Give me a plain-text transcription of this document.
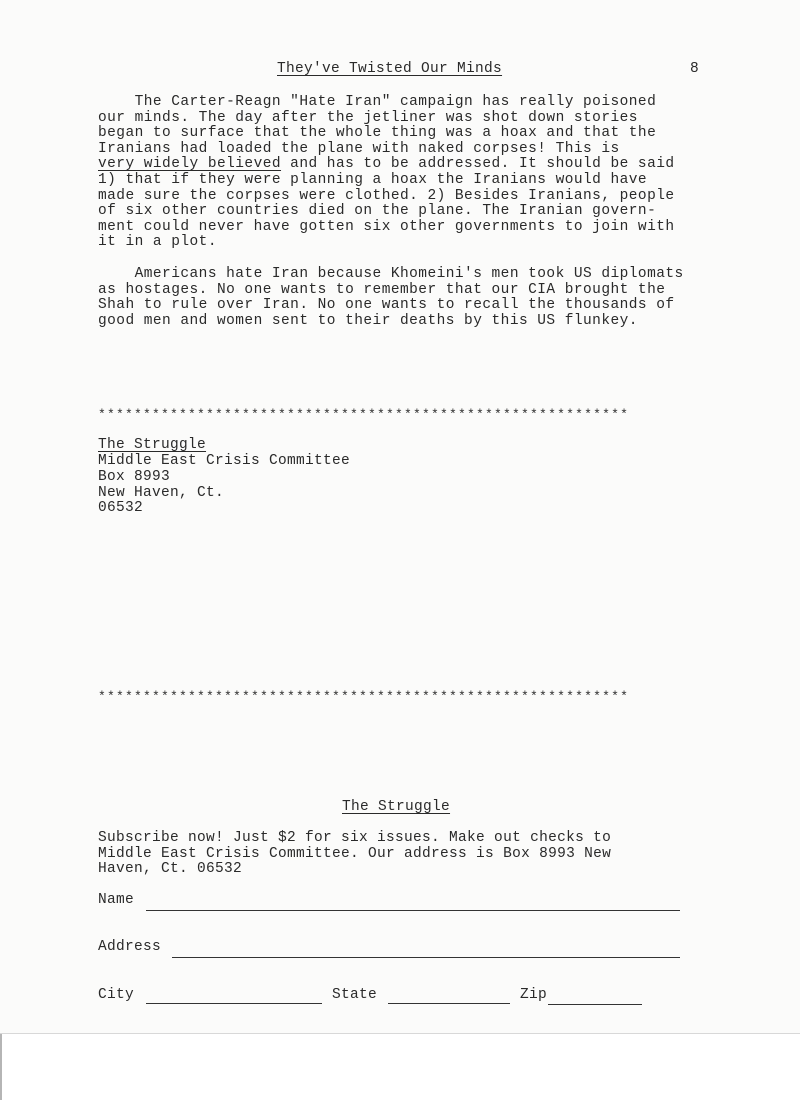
They've Twisted Our Minds	8
The Carter-Reagn "Hate Iran" campaign has really poisoned
our minds. The day after the jetliner was shot down stories
began to surface that the whole thing was a hoax and that the
Iranians had loaded the plane with naked corpses! This is
very widely believed and has to be addressed. It should be said
1) that if they were planning a hoax the Iranians would have
made sure the corpses were clothed. 2) Besides Iranians, people
of six other countries died on the plane. The Iranian govern-
ment could never have gotten six other governments to join with
it in a plot.
Americans hate Iran because Khomeini's men took US diplomats
as hostages. No one wants to remember that our CIA brought the
Shah to rule over Iran. No one wants to recall the thousands of
good men and women sent to their deaths by this US flunkey.
***********************************************************
The Struggle
Middle East Crisis Committee
Box 8993
New Haven, Ct.
06532
***********************************************************
The Struggle
Subscribe now! Just $2 for six issues. Make out checks to
Middle East Crisis Committee. Our address is Box 8993 New
Haven, Ct. 06532
Name
Address
City	State	Zip
